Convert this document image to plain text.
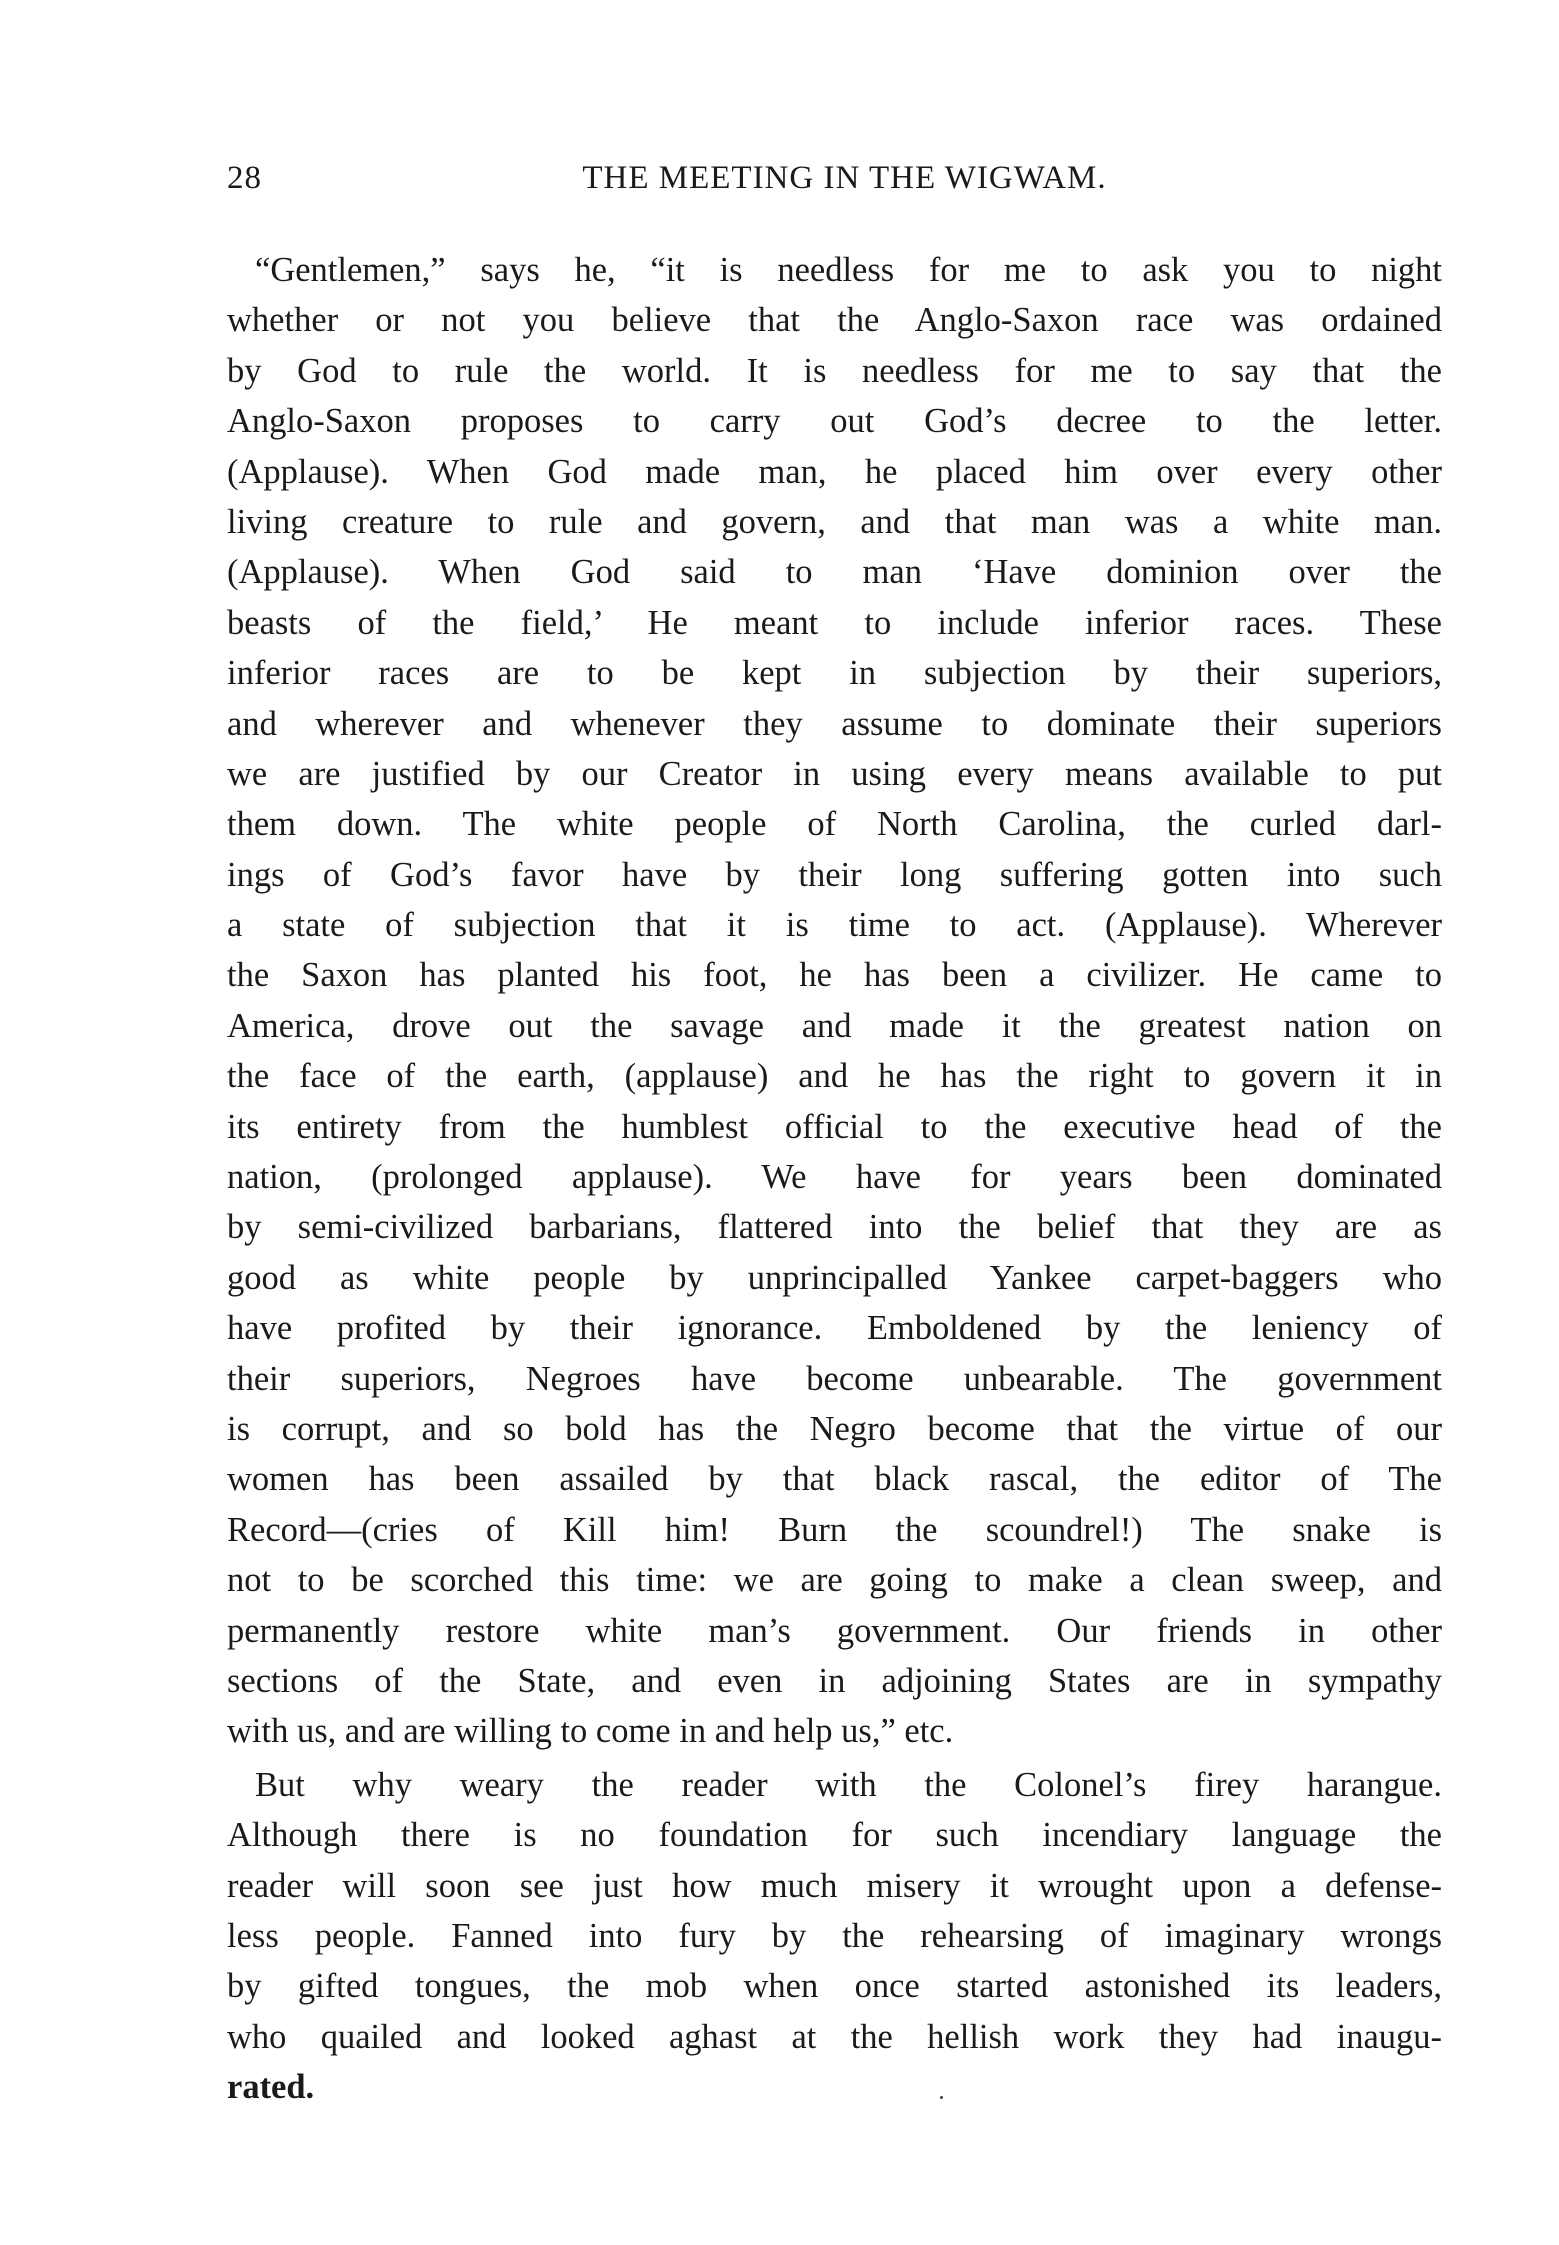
28	THE MEETING IN THE WIGWAM.
“Gentlemen,” says he, “it is needless for me to ask you to night
whether or not you believe that the Anglo-Saxon race was ordained
by God to rule the world. It is needless for me to say that the
Anglo-Saxon proposes to carry out God’s decree to the letter.
(Applause). When God made man, he placed him over every other
living creature to rule and govern, and that man was a white man.
(Applause). When God said to man ‘Have dominion over the
beasts of the field,’ He meant to include inferior races. These
inferior races are to be kept in subjection by their superiors,
and wherever and whenever they assume to dominate their superiors
we are justified by our Creator in using every means available to put
them down. The white people of North Carolina, the curled darl-
ings of God’s favor have by their long suffering gotten into such
a state of subjection that it is time to act. (Applause). Wherever
the Saxon has planted his foot, he has been a civilizer. He came to
America, drove out the savage and made it the greatest nation on
the face of the earth, (applause) and he has the right to govern it in
its entirety from the humblest official to the executive head of the
nation, (prolonged applause). We have for years been dominated
by semi-civilized barbarians, flattered into the belief that they are as
good as white people by unprincipalled Yankee carpet-baggers who
have profited by their ignorance. Emboldened by the leniency of
their superiors, Negroes have become unbearable. The government
is corrupt, and so bold has the Negro become that the virtue of our
women has been assailed by that black rascal, the editor of The
Record—(cries of Kill him! Burn the scoundrel!) The snake is
not to be scorched this time: we are going to make a clean sweep, and
permanently restore white man’s government. Our friends in other
sections of the State, and even in adjoining States are in sympathy
with us, and are willing to come in and help us,” etc.
But why weary the reader with the Colonel’s firey harangue.
Although there is no foundation for such incendiary language the
reader will soon see just how much misery it wrought upon a defense-
less people. Fanned into fury by the rehearsing of imaginary wrongs
by gifted tongues, the mob when once started astonished its leaders,
who quailed and looked aghast at the hellish work they had inaugu-
rated.
